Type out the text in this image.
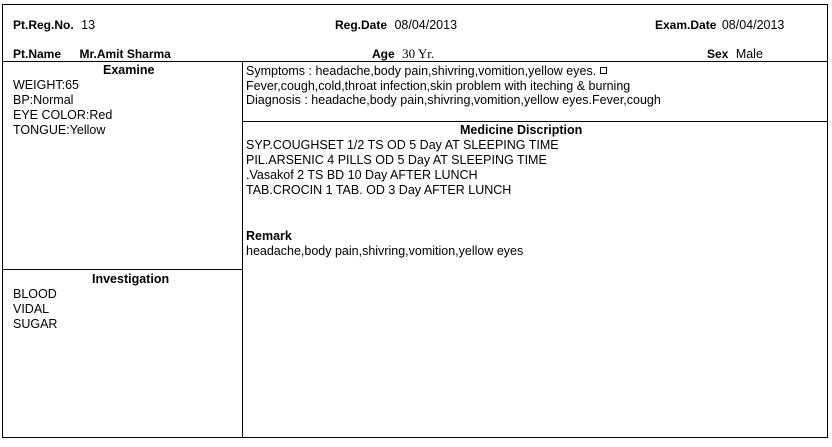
Pt.Reg.No. 13	Reg.Date 08/04/2013	Exam.Date 08/04/2013
Pt.Name Mr.Amit Sharma	Age 30 Yr.	Sex Male
Examine
WEIGHT:65
BP:Normal
EYE COLOR:Red
TONGUE:Yellow
Investigation
BLOOD
VIDAL
SUGAR
Symptoms : headache,body pain,shivring,vomition,yellow eyes.
Fever,cough,cold,throat infection,skin problem with iteching & burning
Diagnosis : headache,body pain,shivring,vomition,yellow eyes.Fever,cough
Medicine Discription
SYP.COUGHSET 1/2 TS OD 5 Day AT SLEEPING TIME
PIL.ARSENIC 4 PILLS OD 5 Day AT SLEEPING TIME
.Vasakof 2 TS BD 10 Day AFTER LUNCH
TAB.CROCIN 1 TAB. OD 3 Day AFTER LUNCH
Remark
headache,body pain,shivring,vomition,yellow eyes
